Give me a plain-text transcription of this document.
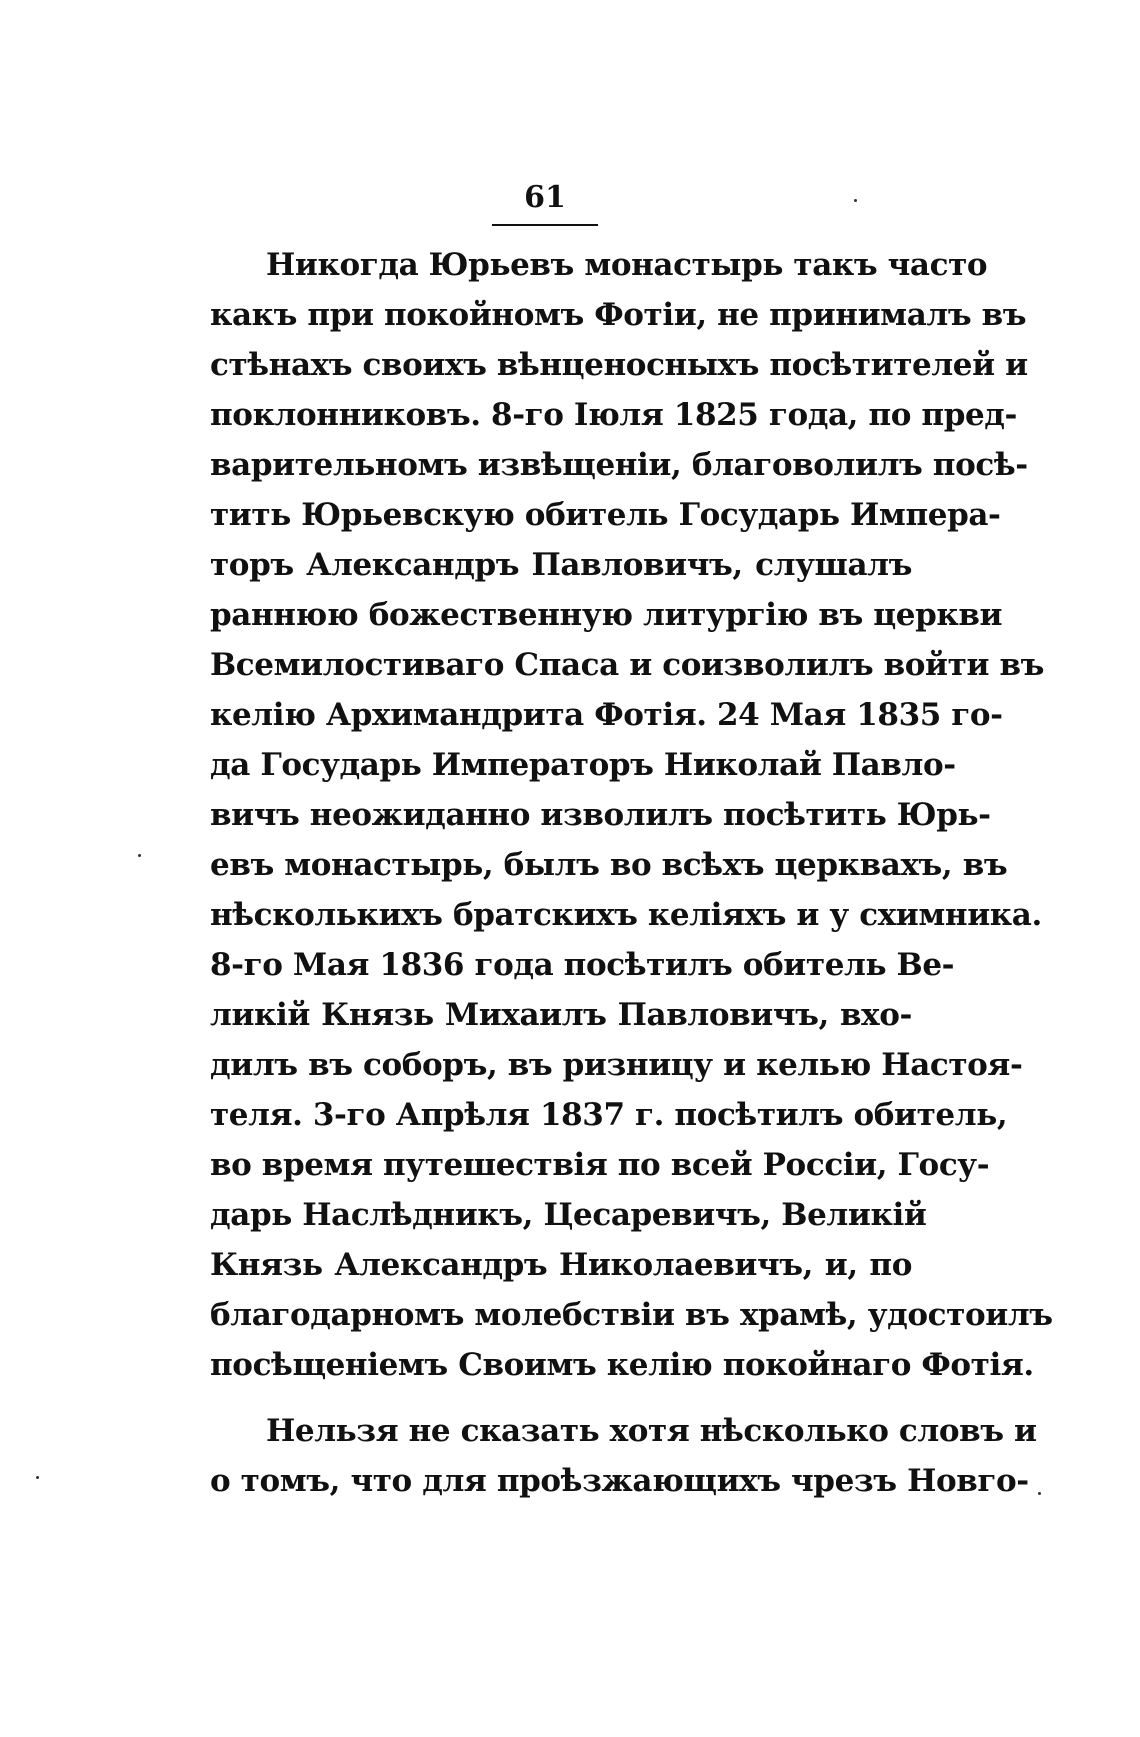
61
Никогда Юрьевъ монастырь такъ часто
какъ при покойномъ Фотіи, не принималъ въ
стѣнахъ своихъ вѣнценосныхъ посѣтителей и
поклонниковъ. 8-го Іюля 1825 года, по пред-
варительномъ извѣщеніи, благоволилъ посѣ-
тить Юрьевскую обитель Государь Импера-
торъ Александръ Павловичъ, слушалъ
раннюю божественную литургію въ церкви
Всемилостиваго Спаса и соизволилъ войти въ
келію Архимандрита Фотія. 24 Мая 1835 го-
да Государь Императоръ Николай Павло-
вичъ неожиданно изволилъ посѣтить Юрь-
евъ монастырь, былъ во всѣхъ церквахъ, въ
нѣсколькихъ братскихъ келіяхъ и у схимника.
8-го Мая 1836 года посѣтилъ обитель Ве-
ликій Князь Михаилъ Павловичъ, вхо-
дилъ въ соборъ, въ ризницу и келью Настоя-
теля. 3-го Апрѣля 1837 г. посѣтилъ обитель,
во время путешествія по всей Россіи, Госу-
дарь Наслѣдникъ, Цесаревичъ, Великій
Князь Александръ Николаевичъ, и, по
благодарномъ молебствіи въ храмѣ, удостоилъ
посѣщеніемъ Своимъ келію покойнаго Фотія.
Нельзя не сказать хотя нѣсколько словъ и
о томъ, что для проѣзжающихъ чрезъ Новго-
